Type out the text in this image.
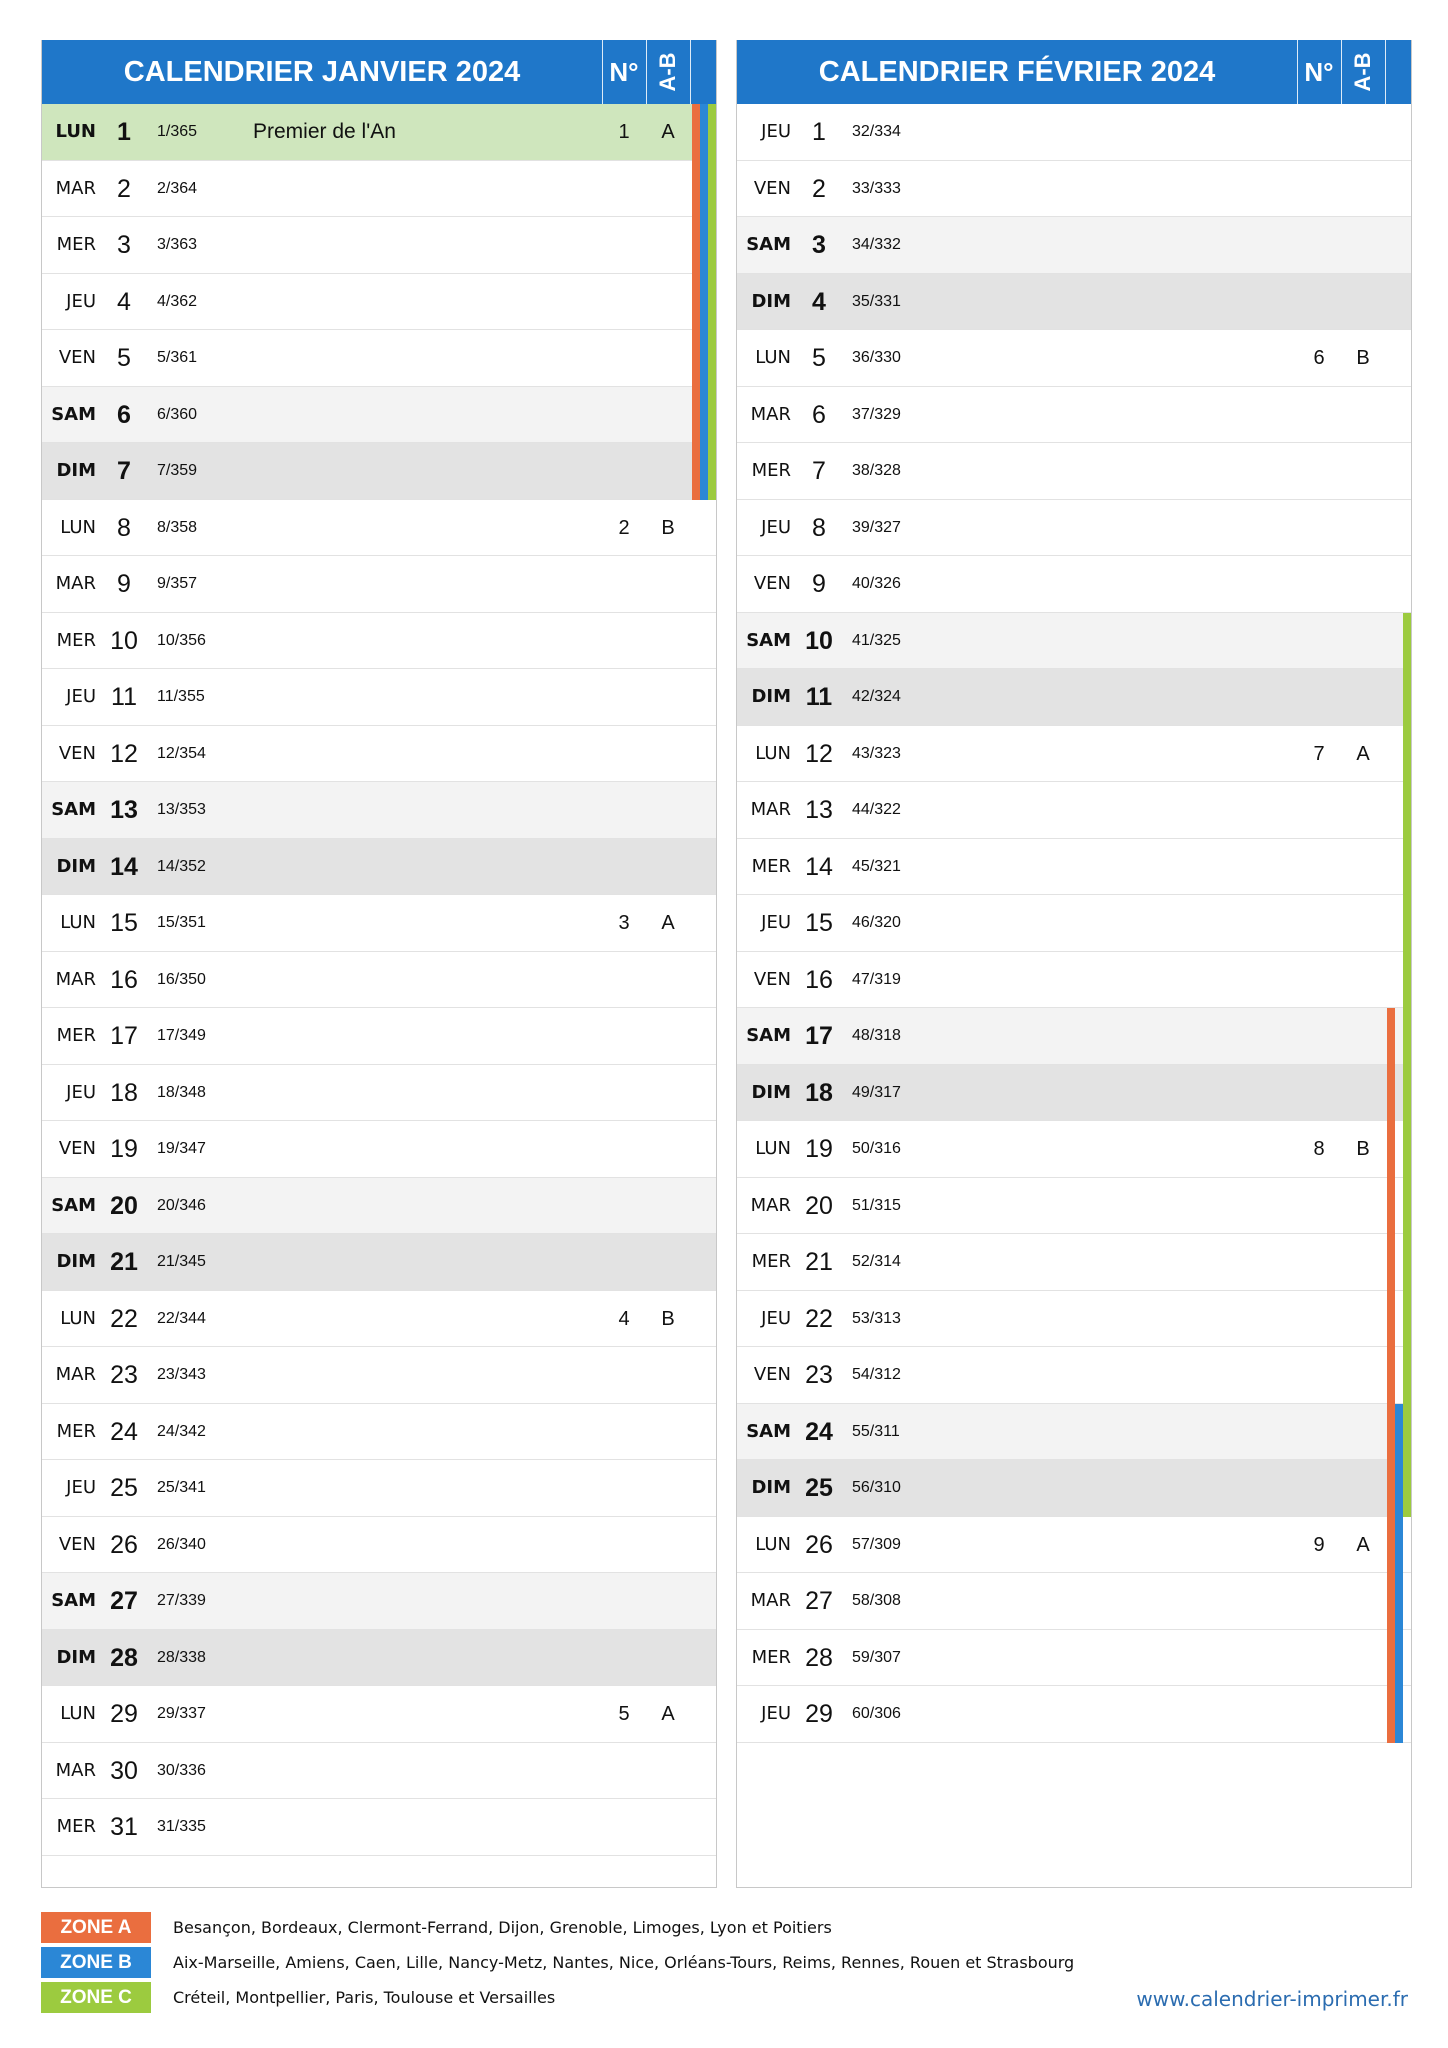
CALENDRIER JANVIER 2024	N° A-B
LUN 1	1/365	Premier de l'An	1	A
MAR 2	2/364
MER 3	3/363
JEU 4	4/362
VEN 5	5/361
SAM 6	6/360
DIM 7	7/359
LUN 8	8/358	2	B
MAR 9	9/357
MER 10	10/356
JEU 11	11/355
VEN 12	12/354
SAM 13	13/353
DIM 14	14/352
LUN 15	15/351	3	A
MAR 16	16/350
MER 17	17/349
JEU 18	18/348
VEN 19	19/347
SAM 20	20/346
DIM 21	21/345
LUN 22	22/344	4	B
MAR 23	23/343
MER 24	24/342
JEU 25	25/341
VEN 26	26/340
SAM 27	27/339
DIM 28	28/338
LUN 29	29/337	5	A
MAR 30	30/336
MER 31	31/335
CALENDRIER FÉVRIER 2024	N° A-B
JEU 1	32/334
VEN 2	33/333
SAM 3	34/332
DIM 4	35/331
LUN 5	36/330	6	B
MAR 6	37/329
MER 7	38/328
JEU 8	39/327
VEN 9	40/326
SAM 10	41/325
DIM 11	42/324
LUN 12	43/323	7	A
MAR 13	44/322
MER 14	45/321
JEU 15	46/320
VEN 16	47/319
SAM 17	48/318
DIM 18	49/317
LUN 19	50/316	8	B
MAR 20	51/315
MER 21	52/314
JEU 22	53/313
VEN 23	54/312
SAM 24	55/311
DIM 25	56/310
LUN 26	57/309	9	A
MAR 27	58/308
MER 28	59/307
JEU 29	60/306
ZONE A	Besançon, Bordeaux, Clermont-Ferrand, Dijon, Grenoble, Limoges, Lyon et Poitiers
ZONE B	Aix-Marseille, Amiens, Caen, Lille, Nancy-Metz, Nantes, Nice, Orléans-Tours, Reims, Rennes, Rouen et Strasbourg
ZONE C	Créteil, Montpellier, Paris, Toulouse et Versailles	www.calendrier-imprimer.fr
